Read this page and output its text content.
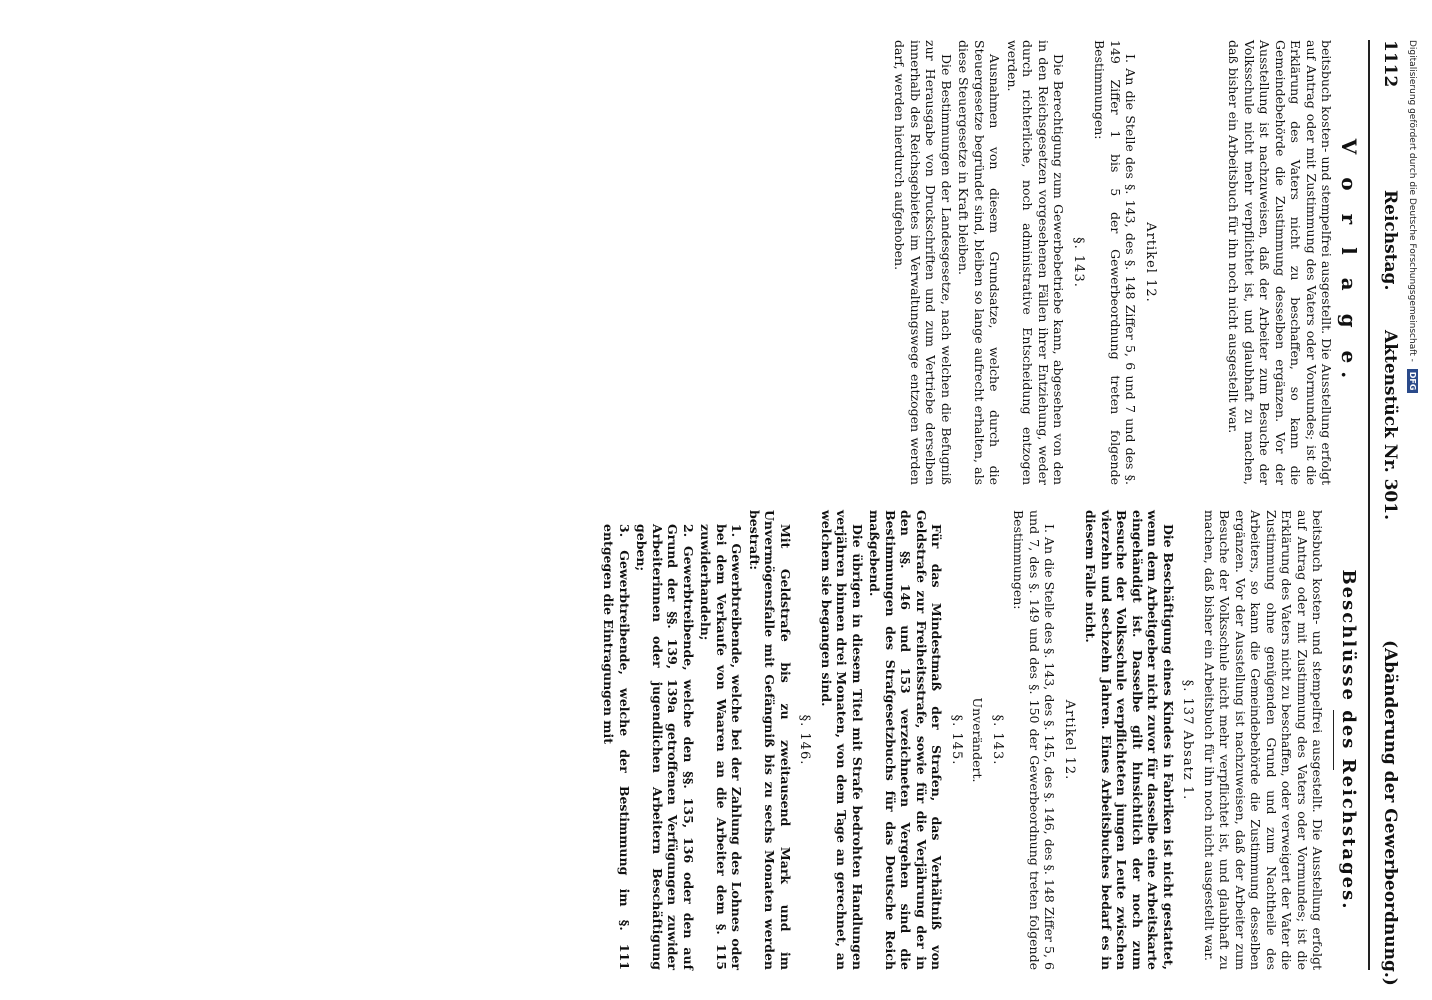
Digitalisierung gefördert durch die Deutsche Forschungsgemeinschaft - DFG
1112
Reichstag.
Aktenstück Nr. 301.
(Abänderung der Gewerbeordnung.)
V o r l a g e.

beitsbuch kosten- und stempelfrei ausgestellt. Die Ausstellung erfolgt auf Antrag oder mit Zustimmung des Vaters oder Vormundes; ist die Erklärung des Vaters nicht zu beschaffen, so kann die Gemeindebehörde die Zustimmung desselben ergänzen. Vor der Ausstellung ist nachzuweisen, daß der Arbeiter zum Besuche der Volksschule nicht mehr verpflichtet ist, und glaubhaft zu machen, daß bisher ein Arbeitsbuch für ihn noch nicht ausgestellt war.

Artikel 12.

I. An die Stelle des §. 143, des §. 148 Ziffer 5, 6 und 7 und des §. 149 Ziffer 1 bis 5 der Gewerbeordnung treten folgende Bestimmungen:

§. 143.

Die Berechtigung zum Gewerbebetriebe kann, abgesehen von den in den Reichsgesetzen vorgesehenen Fällen ihrer Entziehung, weder durch richterliche, noch administrative Entscheidung entzogen werden.

Ausnahmen von diesem Grundsatze, welche durch die Steuergesetze begründet sind, bleiben so lange aufrecht erhalten, als diese Steuergesetze in Kraft bleiben.

Die Bestimmungen der Landesgesetze, nach welchen die Befugniß zur Herausgabe von Druckschriften und zum Vertriebe derselben innerhalb des Reichsgebietes im Verwaltungswege entzogen werden darf, werden hierdurch aufgehoben.

Beschlüsse des Reichstages.

beitsbuch kosten- und stempelfrei ausgestellt. Die Ausstellung erfolgt auf Antrag oder mit Zustimmung des Vaters oder Vormundes; ist die Erklärung des Vaters nicht zu beschaffen, oder verweigert der Vater die Zustimmung ohne genügenden Grund und zum Nachtheile des Arbeiters, so kann die Gemeindebehörde die Zustimmung desselben ergänzen. Vor der Ausstellung ist nachzuweisen, daß der Arbeiter zum Besuche der Volksschule nicht mehr verpflichtet ist, und glaubhaft zu machen, daß bisher ein Arbeitsbuch für ihn noch nicht ausgestellt war.

§. 137 Absatz 1.

Die Beschäftigung eines Kindes in Fabriken ist nicht gestattet, wenn dem Arbeitgeber nicht zuvor für dasselbe eine Arbeitskarte eingehändigt ist. Dasselbe gilt hinsichtlich der noch zum Besuche der Volksschule verpflichteten jungen Leute zwischen vierzehn und sechzehn Jahren. Eines Arbeitsbuches bedarf es in diesem Falle nicht.

Artikel 12.

I. An die Stelle des §. 143, des §. 145, des §. 146, des §. 148 Ziffer 5, 6 und 7, des §. 149 und des §. 150 der Gewerbeordnung treten folgende Bestimmungen:

§. 143.

Unverändert.

§. 145.

Für das Mindestmaß der Strafen, das Verhältniß von Geldstrafe zur Freiheitsstrafe, sowie für die Verjährung der in den §§. 146 und 153 verzeichneten Vergehen sind die Bestimmungen des Strafgesetzbuchs für das Deutsche Reich maßgebend.

Die übrigen in diesem Titel mit Strafe bedrohten Handlungen verjähren binnen drei Monaten, von dem Tage an gerechnet, an welchem sie begangen sind.

§. 146.

Mit Geldstrafe bis zu zweitausend Mark und im Unvermögensfalle mit Gefängniß bis zu sechs Monaten werden bestraft:

1. Gewerbtreibende, welche bei der Zahlung des Lohnes oder bei dem Verkaufe von Waaren an die Arbeiter dem §. 115 zuwiderhandeln;

2. Gewerbtreibende, welche den §§. 135, 136 oder den auf Grund der §§. 139, 139a getroffenen Verfügungen zuwider Arbeiterinnen oder jugendlichen Arbeitern Beschäftigung geben;

3. Gewerbtreibende, welche der Bestimmung im §. 111 entgegen die Eintragungen mit
